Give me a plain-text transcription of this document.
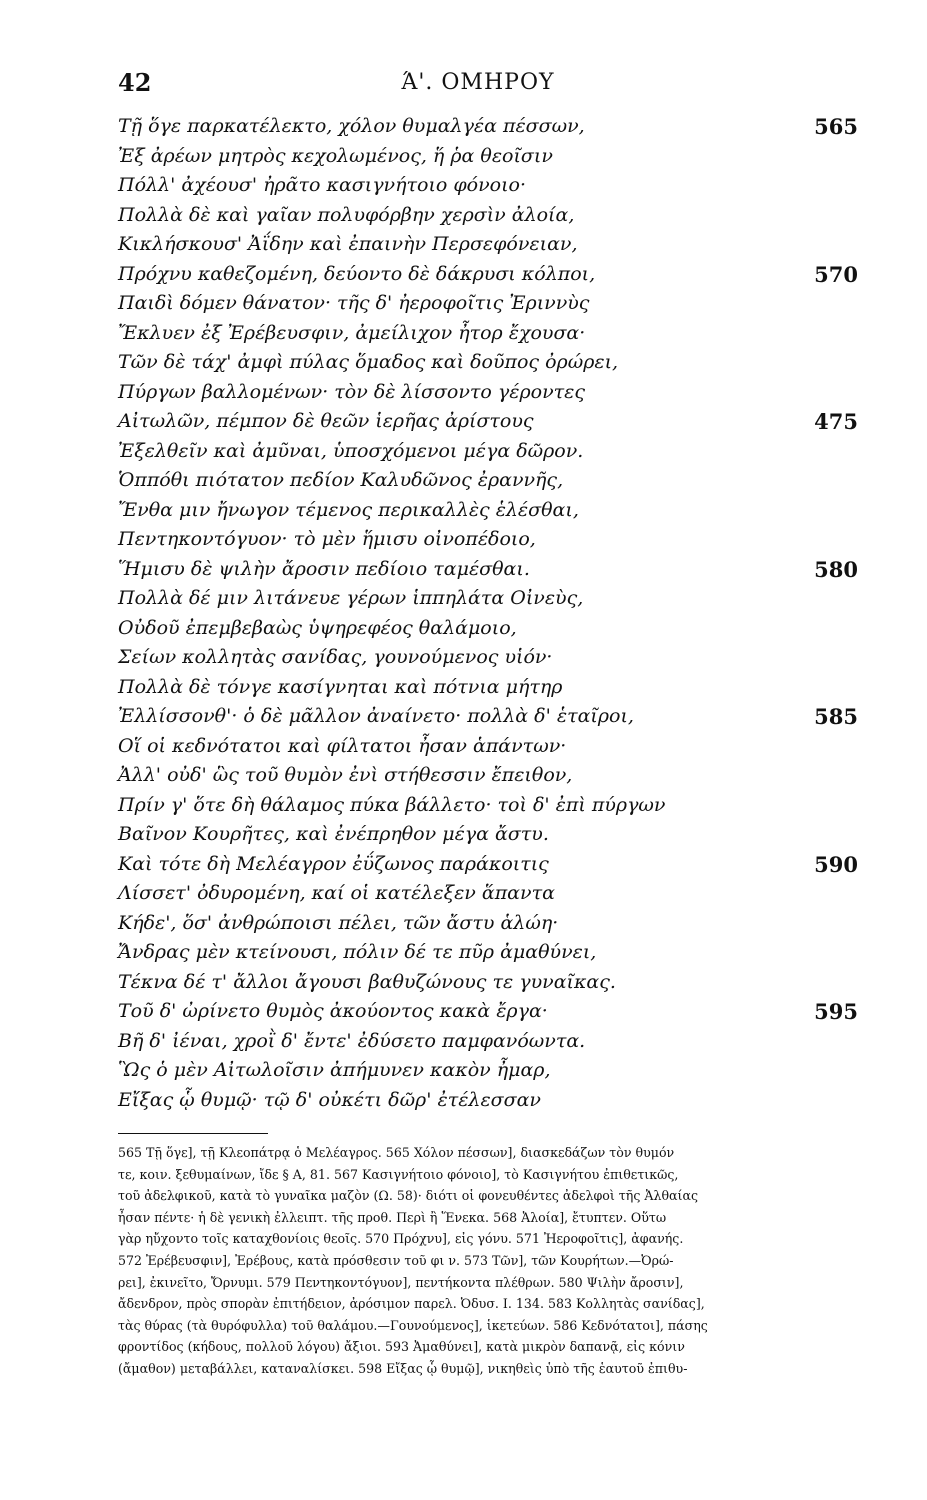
42	Ά'. ΟΜΗΡΟΥ
Τῇ ὅγε παρκατέλεκτο, χόλον θυμαλγέα πέσσων,	565
Ἐξ ἀρέων μητρὸς κεχολωμένος, ἥ ῥα θεοῖσιν
Πόλλ' ἀχέουσ' ἠρᾶτο κασιγνήτοιο φόνοιο·
Πολλὰ δὲ καὶ γαῖαν πολυφόρβην χερσὶν ἀλοία,
Κικλήσκουσ' Ἀΐδην καὶ ἐπαινὴν Περσεφόνειαν,
Πρόχνυ καθεζομένη, δεύοντο δὲ δάκρυσι κόλποι,	570
Παιδὶ δόμεν θάνατον· τῆς δ' ἠεροφοῖτις Ἐριννὺς
Ἔκλυεν ἐξ Ἐρέβευσφιν, ἀμείλιχον ἦτορ ἔχουσα·
Τῶν δὲ τάχ' ἀμφὶ πύλας ὅμαδος καὶ δοῦπος ὀρώρει,
Πύργων βαλλομένων· τὸν δὲ λίσσοντο γέροντες
Αἰτωλῶν, πέμπον δὲ θεῶν ἱερῆας ἀρίστους	475
Ἐξελθεῖν καὶ ἀμῦναι, ὑποσχόμενοι μέγα δῶρον.
Ὁππόθι πιότατον πεδίον Καλυδῶνος ἐραννῆς,
Ἔνθα μιν ἤνωγον τέμενος περικαλλὲς ἑλέσθαι,
Πεντηκοντόγυον· τὸ μὲν ἥμισυ οἰνοπέδοιο,
Ἥμισυ δὲ ψιλὴν ἄροσιν πεδίοιο ταμέσθαι.	580
Πολλὰ δέ μιν λιτάνευε γέρων ἱππηλάτα Οἰνεὺς,
Οὐδοῦ ἐπεμβεβαὼς ὑψηρεφέος θαλάμοιο,
Σείων κολλητὰς σανίδας, γουνούμενος υἱόν·
Πολλὰ δὲ τόνγε κασίγνηται καὶ πότνια μήτηρ
Ἐλλίσσονθ'· ὁ δὲ μᾶλλον ἀναίνετο· πολλὰ δ' ἑταῖροι,	585
Οἵ οἱ κεδνότατοι καὶ φίλτατοι ἦσαν ἁπάντων·
Ἀλλ' οὐδ' ὣς τοῦ θυμὸν ἐνὶ στήθεσσιν ἔπειθον,
Πρίν γ' ὅτε δὴ θάλαμος πύκα βάλλετο· τοὶ δ' ἐπὶ πύργων
Βαῖνον Κουρῆτες, καὶ ἐνέπρηθον μέγα ἄστυ.
Καὶ τότε δὴ Μελέαγρον ἐΰζωνος παράκοιτις	590
Λίσσετ' ὀδυρομένη, καί οἱ κατέλεξεν ἅπαντα
Κήδε', ὅσ' ἀνθρώποισι πέλει, τῶν ἄστυ ἁλώη·
Ἄνδρας μὲν κτείνουσι, πόλιν δέ τε πῦρ ἀμαθύνει,
Τέκνα δέ τ' ἄλλοι ἄγουσι βαθυζώνους τε γυναῖκας.
Τοῦ δ' ὠρίνετο θυμὸς ἀκούοντος κακὰ ἔργα·	595
Βῆ δ' ἰέναι, χροῒ δ' ἔντε' ἐδύσετο παμφανόωντα.
Ὣς ὁ μὲν Αἰτωλοῖσιν ἀπήμυνεν κακὸν ἦμαρ,
Εἴξας ᾧ θυμῷ· τῷ δ' οὐκέτι δῶρ' ἐτέλεσσαν
565 Τῇ ὅγε], τῇ Κλεοπάτρᾳ ὁ Μελέαγρος. 565 Χόλον πέσσων], διασκεδάζων τὸν θυμόν
τε, κοιν. ξεθυμαίνων, ἴδε § Α, 81. 567 Κασιγνήτοιο φόνοιο], τὸ Κασιγνήτου ἐπιθετικῶς,
τοῦ ἀδελφικοῦ, κατὰ τὸ γυναῖκα μαζὸν (Ω. 58)· διότι οἱ φονευθέντες ἀδελφοὶ τῆς Ἀλθαίας
ἦσαν πέντε· ἡ δὲ γενικὴ ἐλλειπτ. τῆς προθ. Περὶ ἢ Ἕνεκα. 568 Ἀλοία], ἔτυπτεν. Οὕτω
γὰρ ηὔχοντο τοῖς καταχθονίοις θεοῖς. 570 Πρόχνυ], εἰς γόνυ. 571 Ἠεροφοῖτις], ἀφανής.
572 Ἐρέβευσφιν], Ἐρέβους, κατὰ πρόσθεσιν τοῦ φι ν. 573 Τῶν], τῶν Κουρήτων.—Ὀρώ-
ρει], ἐκινεῖτο, Ὄρνυμι. 579 Πεντηκοντόγυον], πεντήκοντα πλέθρων. 580 Ψιλὴν ἄροσιν],
ἄδενδρον, πρὸς σπορὰν ἐπιτήδειον, ἀρόσιμον παρελ. Ὀδυσ. I. 134. 583 Κολλητὰς σανίδας],
τὰς θύρας (τὰ θυρόφυλλα) τοῦ θαλάμου.—Γουνούμενος], ἱκετεύων. 586 Κεδνότατοι], πάσης
φροντίδος (κήδους, πολλοῦ λόγου) ἄξιοι. 593 Ἀμαθύνει], κατὰ μικρὸν δαπανᾷ, εἰς κόνιν
(ἄμαθον) μεταβάλλει, καταναλίσκει. 598 Εἴξας ᾧ θυμῷ], νικηθεὶς ὑπὸ τῆς ἑαυτοῦ ἐπιθυ-
